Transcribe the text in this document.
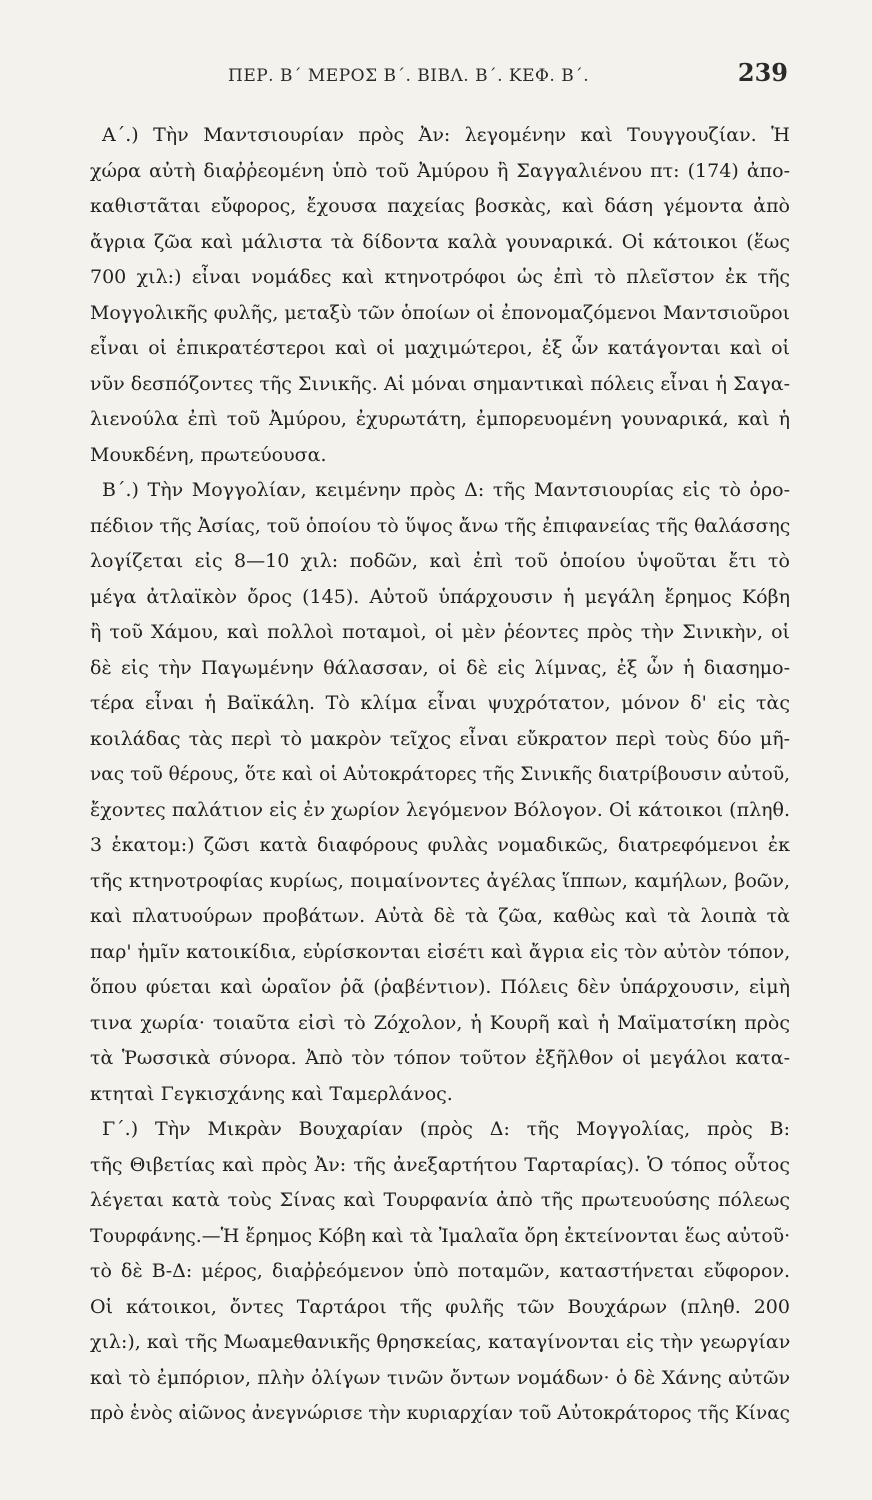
ΠΕΡ. Β΄ ΜΕΡΟΣ Β΄. ΒΙΒΛ. Β΄. ΚΕΦ. Β΄.	239
Α΄.) Τὴν Μαντσιουρίαν πρὸς Ἀν: λεγομένην καὶ Τουγγουζίαν. Ἡ
χώρα αὐτὴ διαῤῥεομένη ὑπὸ τοῦ Ἀμύρου ἢ Σαγγαλιένου πτ: (174) ἀπο-
καθιστᾶται εὔφορος, ἔχουσα παχείας βοσκὰς, καὶ δάση γέμοντα ἀπὸ
ἄγρια ζῶα καὶ μάλιστα τὰ δίδοντα καλὰ γουναρικά. Οἱ κάτοικοι (ἕως
700 χιλ:) εἶναι νομάδες καὶ κτηνοτρόφοι ὡς ἐπὶ τὸ πλεῖστον ἐκ τῆς
Μογγολικῆς φυλῆς, μεταξὺ τῶν ὁποίων οἱ ἐπονομαζόμενοι Μαντσιοῦροι
εἶναι οἱ ἐπικρατέστεροι καὶ οἱ μαχιμώτεροι, ἐξ ὧν κατάγονται καὶ οἱ
νῦν δεσπόζοντες τῆς Σινικῆς. Αἱ μόναι σημαντικαὶ πόλεις εἶναι ἡ Σαγα-
λιενούλα ἐπὶ τοῦ Ἀμύρου, ἐχυρωτάτη, ἐμπορευομένη γουναρικά, καὶ ἡ
Μουκδένη, πρωτεύουσα.
Β΄.) Τὴν Μογγολίαν, κειμένην πρὸς Δ: τῆς Μαντσιουρίας εἰς τὸ ὀρο-
πέδιον τῆς Ἀσίας, τοῦ ὁποίου τὸ ὕψος ἄνω τῆς ἐπιφανείας τῆς θαλάσσης
λογίζεται εἰς 8—10 χιλ: ποδῶν, καὶ ἐπὶ τοῦ ὁποίου ὑψοῦται ἔτι τὸ
μέγα ἀτλαϊκὸν ὄρος (145). Αὐτοῦ ὑπάρχουσιν ἡ μεγάλη ἔρημος Κόβη
ἢ τοῦ Χάμου, καὶ πολλοὶ ποταμοὶ, οἱ μὲν ῥέοντες πρὸς τὴν Σινικὴν, οἱ
δὲ εἰς τὴν Παγωμένην θάλασσαν, οἱ δὲ εἰς λίμνας, ἐξ ὧν ἡ διασημο-
τέρα εἶναι ἡ Βαϊκάλη. Τὸ κλίμα εἶναι ψυχρότατον, μόνον δ' εἰς τὰς
κοιλάδας τὰς περὶ τὸ μακρὸν τεῖχος εἶναι εὔκρατον περὶ τοὺς δύο μῆ-
νας τοῦ θέρους, ὅτε καὶ οἱ Αὐτοκράτορες τῆς Σινικῆς διατρίβουσιν αὐτοῦ,
ἔχοντες παλάτιον εἰς ἐν χωρίον λεγόμενον Βόλογον. Οἱ κάτοικοι (πληθ.
3 ἑκατομ:) ζῶσι κατὰ διαφόρους φυλὰς νομαδικῶς, διατρεφόμενοι ἐκ
τῆς κτηνοτροφίας κυρίως, ποιμαίνοντες ἀγέλας ἵππων, καμήλων, βοῶν,
καὶ πλατυούρων προβάτων. Αὐτὰ δὲ τὰ ζῶα, καθὼς καὶ τὰ λοιπὰ τὰ
παρ' ἡμῖν κατοικίδια, εὑρίσκονται εἰσέτι καὶ ἄγρια εἰς τὸν αὐτὸν τόπον,
ὅπου φύεται καὶ ὡραῖον ῥᾶ (ῥαβέντιον). Πόλεις δὲν ὑπάρχουσιν, εἰμὴ
τινα χωρία· τοιαῦτα εἰσὶ τὸ Ζόχολον, ἡ Κουρῆ καὶ ἡ Μαϊματσίκη πρὸς
τὰ Ῥωσσικὰ σύνορα. Ἀπὸ τὸν τόπον τοῦτον ἐξῆλθον οἱ μεγάλοι κατα-
κτηταὶ Γεγκισχάνης καὶ Ταμερλάνος.
Γ΄.) Τὴν Μικρὰν Βουχαρίαν (πρὸς Δ: τῆς Μογγολίας, πρὸς Β:
τῆς Θιβετίας καὶ πρὸς Ἀν: τῆς ἀνεξαρτήτου Ταρταρίας). Ὁ τόπος οὗτος
λέγεται κατὰ τοὺς Σίνας καὶ Τουρφανία ἀπὸ τῆς πρωτευούσης πόλεως
Τουρφάνης.—Ἡ ἔρημος Κόβη καὶ τὰ Ἰμαλαῖα ὄρη ἐκτείνονται ἕως αὐτοῦ·
τὸ δὲ Β-Δ: μέρος, διαῤῥεόμενον ὑπὸ ποταμῶν, καταστήνεται εὔφορον.
Οἱ κάτοικοι, ὄντες Ταρτάροι τῆς φυλῆς τῶν Βουχάρων (πληθ. 200
χιλ:), καὶ τῆς Μωαμεθανικῆς θρησκείας, καταγίνονται εἰς τὴν γεωργίαν
καὶ τὸ ἐμπόριον, πλὴν ὀλίγων τινῶν ὄντων νομάδων· ὁ δὲ Χάνης αὐτῶν
πρὸ ἑνὸς αἰῶνος ἀνεγνώρισε τὴν κυριαρχίαν τοῦ Αὐτοκράτορος τῆς Κίνας
